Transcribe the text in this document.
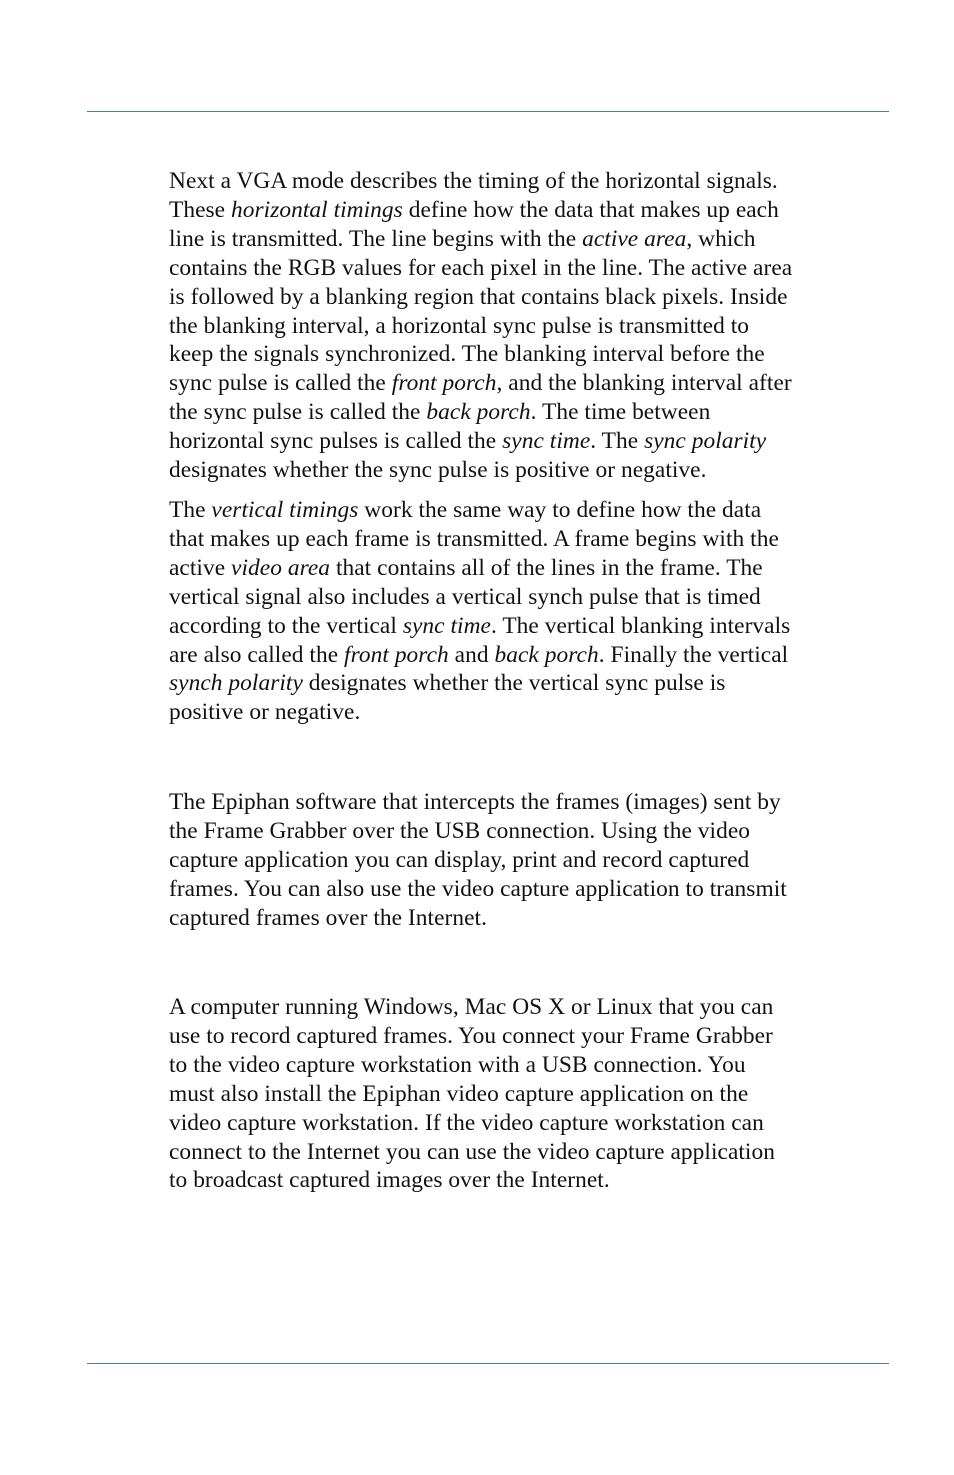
Next a VGA mode describes the timing of the horizontal signals.
These horizontal timings define how the data that makes up each
line is transmitted. The line begins with the active area, which
contains the RGB values for each pixel in the line. The active area
is followed by a blanking region that contains black pixels. Inside
the blanking interval, a horizontal sync pulse is transmitted to
keep the signals synchronized. The blanking interval before the
sync pulse is called the front porch, and the blanking interval after
the sync pulse is called the back porch. The time between
horizontal sync pulses is called the sync time. The sync polarity
designates whether the sync pulse is positive or negative.

The vertical timings work the same way to define how the data
that makes up each frame is transmitted. A frame begins with the
active video area that contains all of the lines in the frame. The
vertical signal also includes a vertical synch pulse that is timed
according to the vertical sync time. The vertical blanking intervals
are also called the front porch and back porch. Finally the vertical
synch polarity designates whether the vertical sync pulse is
positive or negative.

The Epiphan software that intercepts the frames (images) sent by
the Frame Grabber over the USB connection. Using the video
capture application you can display, print and record captured
frames. You can also use the video capture application to transmit
captured frames over the Internet.

A computer running Windows, Mac OS X or Linux that you can
use to record captured frames. You connect your Frame Grabber
to the video capture workstation with a USB connection. You
must also install the Epiphan video capture application on the
video capture workstation. If the video capture workstation can
connect to the Internet you can use the video capture application
to broadcast captured images over the Internet.
